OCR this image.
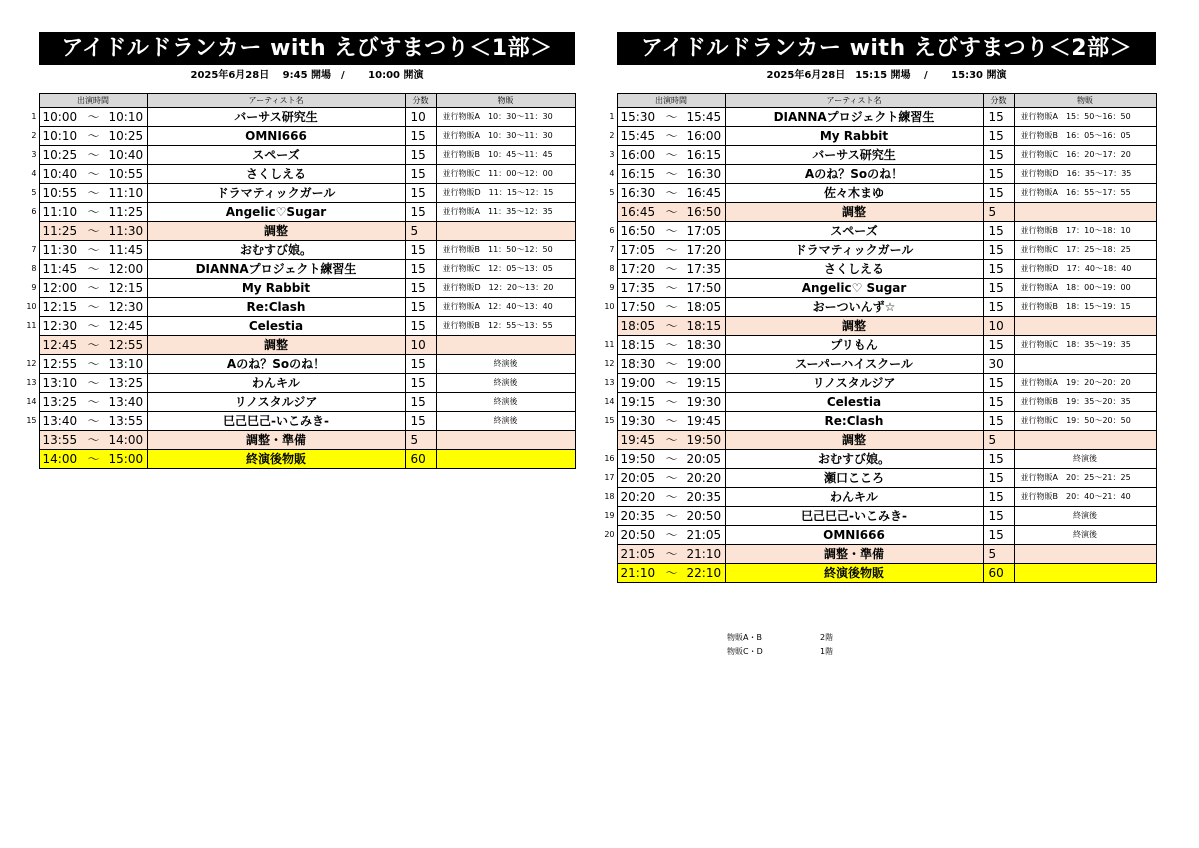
アイドルドランカー with えびすまつり＜1部＞
2025年6月28日　 9:45 開場　/　　 10:00 開演
	出演時間	アーティスト名	分数	物販
1	10:00 〜 10:10	バーサス研究生	10	並行物販A　10：30〜11：30
2	10:10 〜 10:25	OMNI666	15	並行物販A　10：30〜11：30
3	10:25 〜 10:40	スペーズ	15	並行物販B　10：45〜11：45
4	10:40 〜 10:55	さくしえる	15	並行物販C　11：00〜12：00
5	10:55 〜 11:10	ドラマティックガール	15	並行物販D　11：15〜12：15
6	11:10 〜 11:25	Angelic♡Sugar	15	並行物販A　11：35〜12：35
	11:25 〜 11:30	調整	5	
7	11:30 〜 11:45	おむすび娘。	15	並行物販B　11：50〜12：50
8	11:45 〜 12:00	DIANNAプロジェクト練習生	15	並行物販C　12：05〜13：05
9	12:00 〜 12:15	My Rabbit	15	並行物販D　12：20〜13：20
10	12:15 〜 12:30	Re:Clash	15	並行物販A　12：40〜13：40
11	12:30 〜 12:45	Celestia	15	並行物販B　12：55〜13：55
	12:45 〜 12:55	調整	10	
12	12:55 〜 13:10	Aのね？Soのね！	15	終演後
13	13:10 〜 13:25	わんキル	15	終演後
14	13:25 〜 13:40	リノスタルジア	15	終演後
15	13:40 〜 13:55	巳己巳己-いこみき-	15	終演後
	13:55 〜 14:00	調整・準備	5	
	14:00 〜 15:00	終演後物販	60	
アイドルドランカー with えびすまつり＜2部＞
2025年6月28日　15:15 開場　 /　　 15:30 開演
	出演時間	アーティスト名	分数	物販
1	15:30 〜 15:45	DIANNAプロジェクト練習生	15	並行物販A　15：50〜16：50
2	15:45 〜 16:00	My Rabbit	15	並行物販B　16：05〜16：05
3	16:00 〜 16:15	バーサス研究生	15	並行物販C　16：20〜17：20
4	16:15 〜 16:30	Aのね？Soのね！	15	並行物販D　16：35〜17：35
5	16:30 〜 16:45	佐々木まゆ	15	並行物販A　16：55〜17：55
	16:45 〜 16:50	調整	5	
6	16:50 〜 17:05	スペーズ	15	並行物販B　17：10〜18：10
7	17:05 〜 17:20	ドラマティックガール	15	並行物販C　17：25〜18：25
8	17:20 〜 17:35	さくしえる	15	並行物販D　17：40〜18：40
9	17:35 〜 17:50	Angelic♡ Sugar	15	並行物販A　18：00〜19：00
10	17:50 〜 18:05	おーついんず☆	15	並行物販B　18：15〜19：15
	18:05 〜 18:15	調整	10	
11	18:15 〜 18:30	プリもん	15	並行物販C　18：35〜19：35
12	18:30 〜 19:00	スーパーハイスクール	30	
13	19:00 〜 19:15	リノスタルジア	15	並行物販A　19：20〜20：20
14	19:15 〜 19:30	Celestia	15	並行物販B　19：35〜20：35
15	19:30 〜 19:45	Re:Clash	15	並行物販C　19：50〜20：50
	19:45 〜 19:50	調整	5	
16	19:50 〜 20:05	おむすび娘。	15	終演後
17	20:05 〜 20:20	瀬口こころ	15	並行物販A　20：25〜21：25
18	20:20 〜 20:35	わんキル	15	並行物販B　20：40〜21：40
19	20:35 〜 20:50	巳己巳己-いこみき-	15	終演後
20	20:50 〜 21:05	OMNI666	15	終演後
	21:05 〜 21:10	調整・準備	5	
	21:10 〜 22:10	終演後物販	60	
物販A・B	2階
物販C・D	1階
